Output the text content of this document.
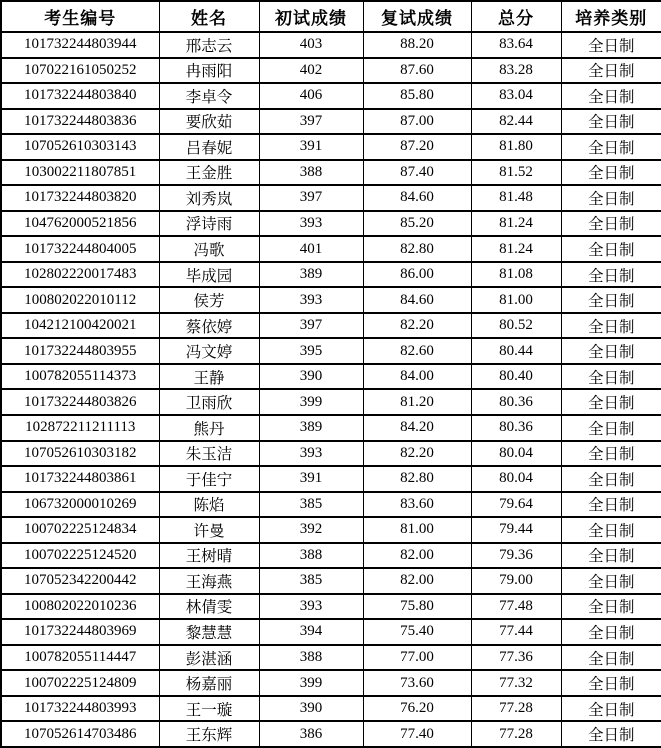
考生编号	姓名	初试成绩	复试成绩	总分	培养类别
101732244803944	邢志云	403	88.20	83.64	全日制
107022161050252	冉雨阳	402	87.60	83.28	全日制
101732244803840	李卓令	406	85.80	83.04	全日制
101732244803836	要欣茹	397	87.00	82.44	全日制
107052610303143	吕春妮	391	87.20	81.80	全日制
103002211807851	王金胜	388	87.40	81.52	全日制
101732244803820	刘秀岚	397	84.60	81.48	全日制
104762000521856	浮诗雨	393	85.20	81.24	全日制
101732244804005	冯歌	401	82.80	81.24	全日制
102802220017483	毕成园	389	86.00	81.08	全日制
100802022010112	侯芳	393	84.60	81.00	全日制
104212100420021	蔡依婷	397	82.20	80.52	全日制
101732244803955	冯文婷	395	82.60	80.44	全日制
100782055114373	王静	390	84.00	80.40	全日制
101732244803826	卫雨欣	399	81.20	80.36	全日制
102872211211113	熊丹	389	84.20	80.36	全日制
107052610303182	朱玉洁	393	82.20	80.04	全日制
101732244803861	于佳宁	391	82.80	80.04	全日制
106732000010269	陈焰	385	83.60	79.64	全日制
100702225124834	许曼	392	81.00	79.44	全日制
100702225124520	王树晴	388	82.00	79.36	全日制
107052342200442	王海燕	385	82.00	79.00	全日制
100802022010236	林倩雯	393	75.80	77.48	全日制
101732244803969	黎慧慧	394	75.40	77.44	全日制
100782055114447	彭湛涵	388	77.00	77.36	全日制
100702225124809	杨嘉丽	399	73.60	77.32	全日制
101732244803993	王一璇	390	76.20	77.28	全日制
107052614703486	王东辉	386	77.40	77.28	全日制
